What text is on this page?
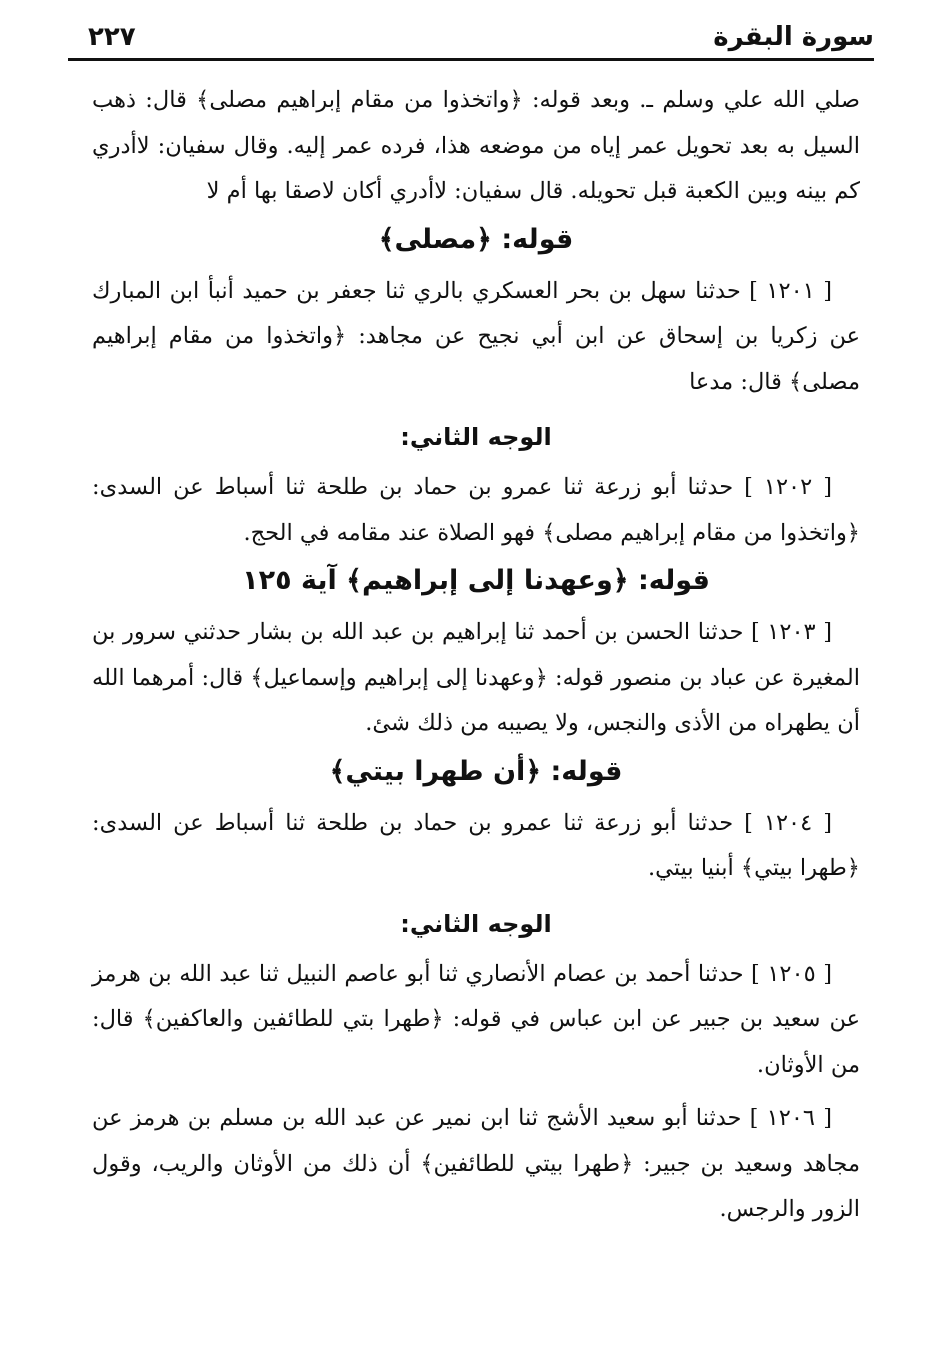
سورة البقرة
٢٢٧

صلي الله علي وسلم ـ. وبعد قوله: ﴿واتخذوا من مقام إبراهيم مصلى﴾ قال: ذهب السيل به بعد تحويل عمر إياه من موضعه هذا، فرده عمر إليه. وقال سفيان: لاأدري كم بينه وبين الكعبة قبل تحويله. قال سفيان: لاأدري أكان لاصقا بها أم لا

قوله: ﴿مصلى﴾

[ ١٢٠١ ] حدثنا سهل بن بحر العسكري بالري ثنا جعفر بن حميد أنبأ ابن المبارك عن زكريا بن إسحاق عن ابن أبي نجيح عن مجاهد: ﴿واتخذوا من مقام إبراهيم مصلى﴾ قال: مدعا

الوجه الثاني:

[ ١٢٠٢ ] حدثنا أبو زرعة ثنا عمرو بن حماد بن طلحة ثنا أسباط عن السدى: ﴿واتخذوا من مقام إبراهيم مصلى﴾ فهو الصلاة عند مقامه في الحج.

قوله: ﴿وعهدنا إلى إبراهيم﴾ آية ١٢٥

[ ١٢٠٣ ] حدثنا الحسن بن أحمد ثنا إبراهيم بن عبد الله بن بشار حدثني سرور بن المغيرة عن عباد بن منصور قوله: ﴿وعهدنا إلى إبراهيم وإسماعيل﴾ قال: أمرهما الله أن يطهراه من الأذى والنجس، ولا يصيبه من ذلك شئ.

قوله: ﴿أن طهرا بيتي﴾

[ ١٢٠٤ ] حدثنا أبو زرعة ثنا عمرو بن حماد بن طلحة ثنا أسباط عن السدى: ﴿طهرا بيتي﴾ أبنيا بيتي.

الوجه الثاني:

[ ١٢٠٥ ] حدثنا أحمد بن عصام الأنصاري ثنا أبو عاصم النبيل ثنا عبد الله بن هرمز عن سعيد بن جبير عن ابن عباس في قوله: ﴿طهرا بتي للطائفين والعاكفين﴾ قال: من الأوثان.

[ ١٢٠٦ ] حدثنا أبو سعيد الأشج ثنا ابن نمير عن عبد الله بن مسلم بن هرمز عن مجاهد وسعيد بن جبير: ﴿طهرا بيتي للطائفين﴾ أن ذلك من الأوثان والريب، وقول الزور والرجس.
